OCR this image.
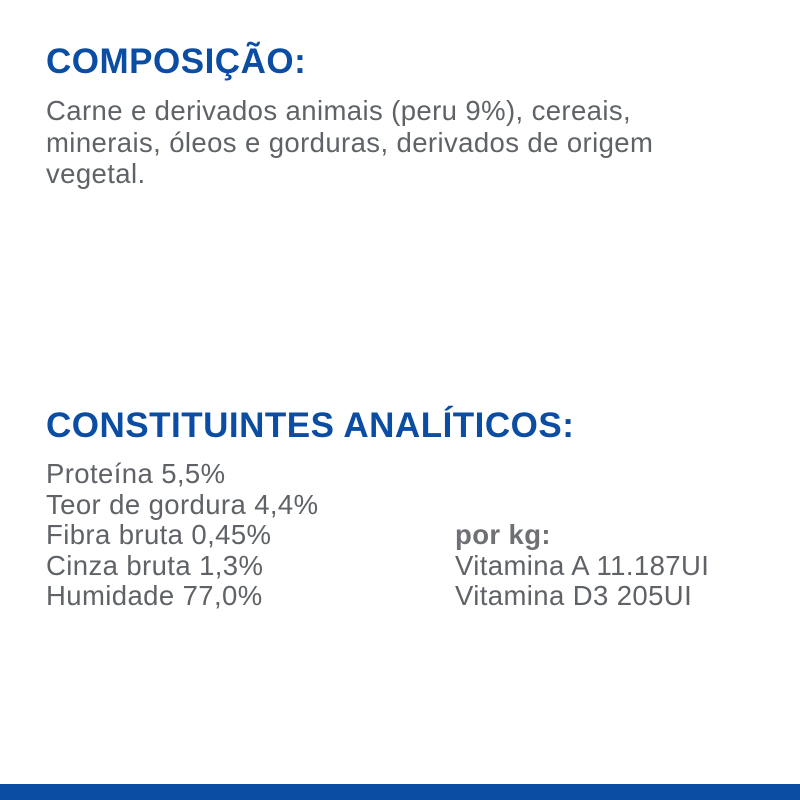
COMPOSIÇÃO:

Carne e derivados animais (peru 9%), cereais, minerais, óleos e gorduras, derivados de origem vegetal.

CONSTITUINTES ANALÍTICOS:
Proteína 5,5%
Teor de gordura 4,4%
Fibra bruta 0,45%
Cinza bruta 1,3%
Humidade 77,0%

por kg:

Vitamina A 11.187UI
Vitamina D3 205UI
